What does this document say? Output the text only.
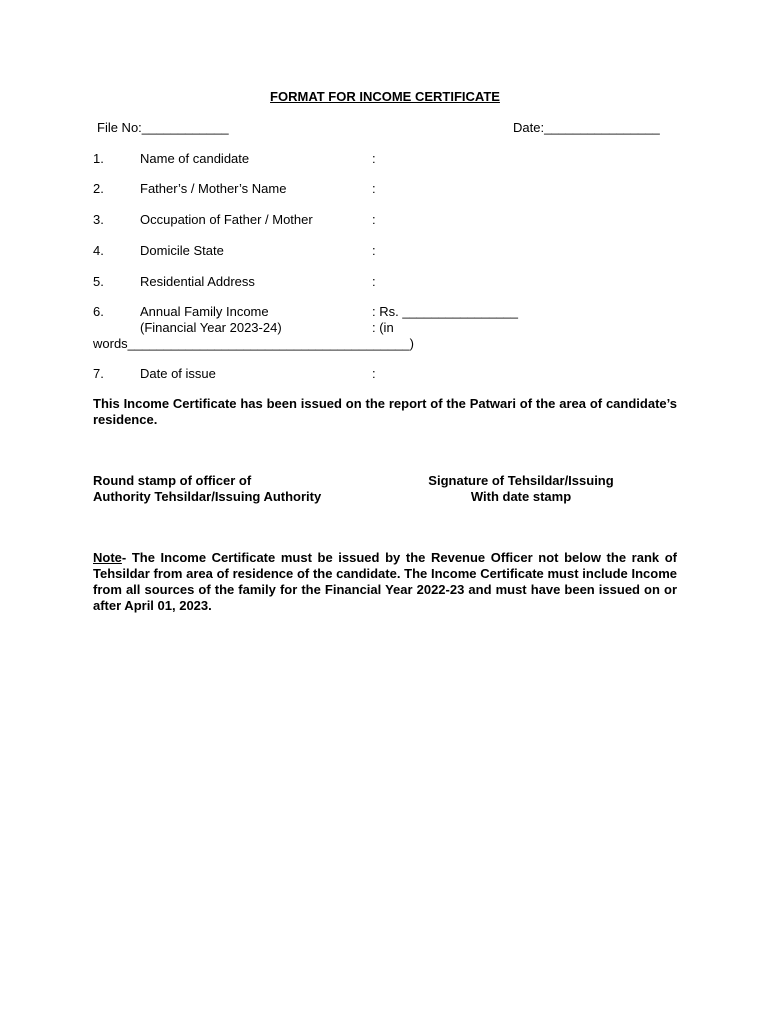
FORMAT FOR INCOME CERTIFICATE
File No:____________	Date:________________
1.	Name of candidate	:
2.	Father’s / Mother’s Name	:
3.	Occupation of Father / Mother	:
4.	Domicile State	:
5.	Residential Address	:
6.	Annual Family Income	: Rs. ________________
(Financial Year 2023-24)	: (in
words_______________________________________)
7.	Date of issue	:
This Income Certificate has been issued on the report of the Patwari of the area of candidate’s residence.
Round stamp of officer of
Authority Tehsildar/Issuing Authority
Signature of Tehsildar/Issuing
With date stamp
Note- The Income Certificate must be issued by the Revenue Officer not below the rank of Tehsildar from area of residence of the candidate. The Income Certificate must include Income from all sources of the family for the Financial Year 2022-23 and must have been issued on or after April 01, 2023.
